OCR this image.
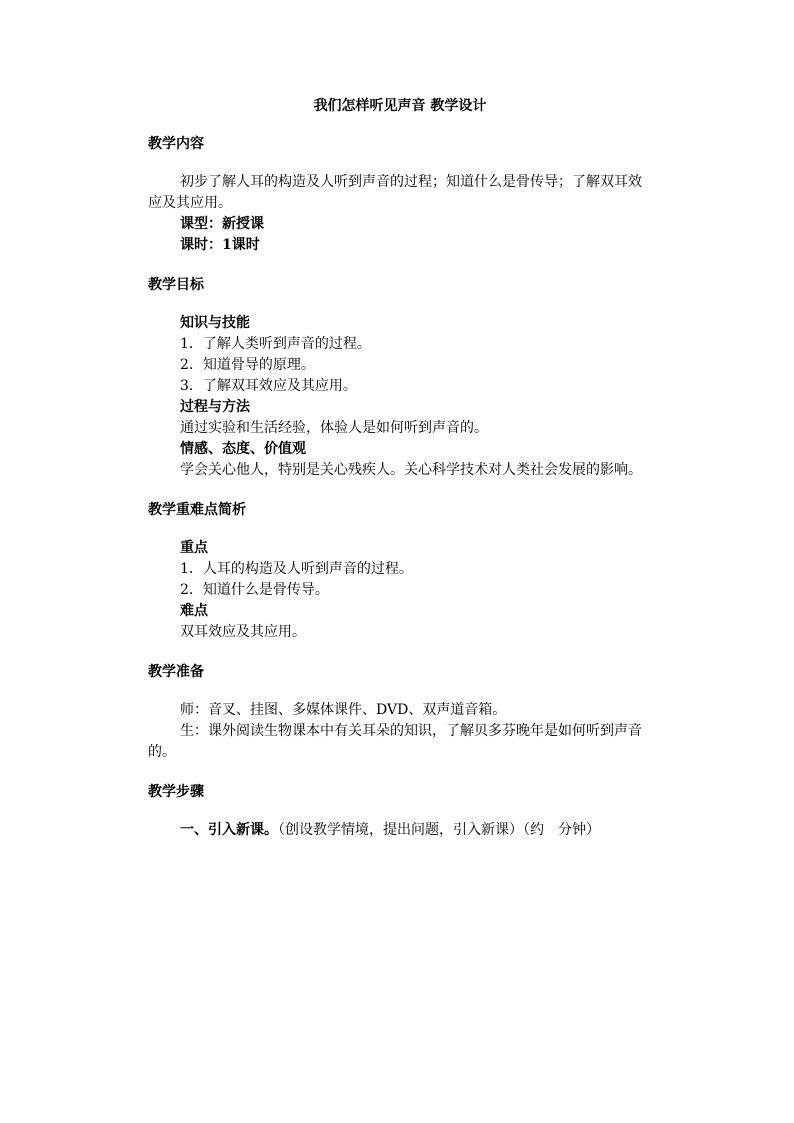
我们怎样听见声音 教学设计
教学内容

初步了解人耳的构造及人听到声音的过程；知道什么是骨传导；了解双耳效应及其应用。

课型：新授课

课时：1课时

教学目标

知识与技能

1．了解人类听到声音的过程。

2．知道骨导的原理。

3．了解双耳效应及其应用。

过程与方法

通过实验和生活经验，体验人是如何听到声音的。

情感、态度、价值观

学会关心他人，特别是关心残疾人。关心科学技术对人类社会发展的影响。

教学重难点简析

重点

1．人耳的构造及人听到声音的过程。

2．知道什么是骨传导。

难点

双耳效应及其应用。

教学准备

师：音叉、挂图、多媒体课件、DVD、双声道音箱。

生：课外阅读生物课本中有关耳朵的知识，了解贝多芬晚年是如何听到声音的。

教学步骤

一、引入新课。（创设教学情境，提出问题，引入新课）（约　分钟）
